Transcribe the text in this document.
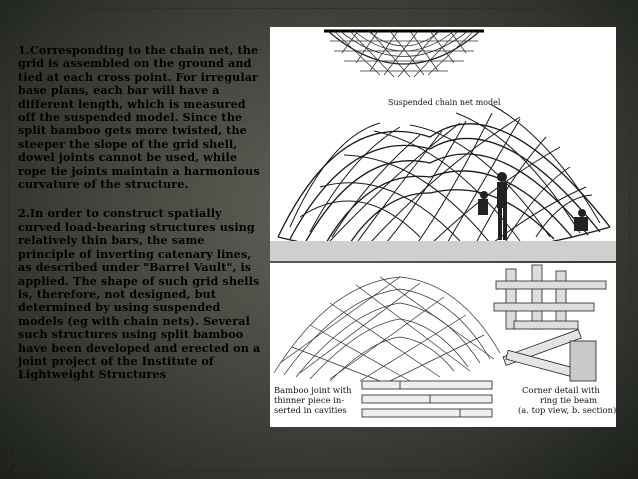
1.Corresponding to the chain net, the grid is assembled on the ground and tied at each cross point. For irregular base plans, each bar will have a different length, which is measured off the suspended model. Since the split bamboo gets more twisted, the steeper the slope of the grid shell, dowel joints cannot be used, while rope tie joints maintain a harmonious curvature of the structure.

2.In order to construct spatially curved load-bearing structures using relatively thin bars, the same principle of inverting catenary lines, as described under "Barrel Vault", is applied. The shape of such grid shells is, therefore, not designed, but determined by using suspended models (eg with chain nets). Several such structures using split bamboo have been developed and erected on a joint project of the Institute of Lightweight Structures

Suspended chain net model
Bamboo joint with
thinner piece in-
serted in cavities
Corner detail with
ring tie beam
(a. top view, b. section)
